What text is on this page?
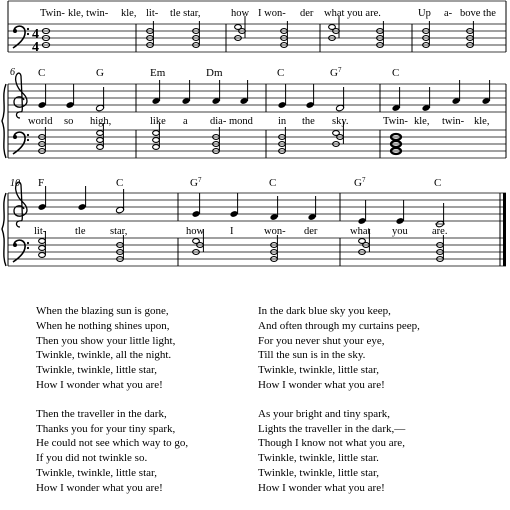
Twin- kle, twin- kle, lit- tle star,	how I won- der what you are.	Up a- bove the
4
4
6 C	G	Em	Dm	C	$G^7$	C
world so high,	like a dia- mond in the sky.	Twin- kle, twin- kle,
10 F	C	$G^7$	C	$G^7$	C
lit-	tle star,	how I	won- der	what you are.
When the blazing sun is gone,
When he nothing shines upon,
Then you show your little light,
Twinkle, twinkle, all the night.
Twinkle, twinkle, little star,
How I wonder what you are!
Then the traveller in the dark,
Thanks you for your tiny spark,
He could not see which way to go,
If you did not twinkle so.
Twinkle, twinkle, little star,
How I wonder what you are!
In the dark blue sky you keep,
And often through my curtains peep,
For you never shut your eye,
Till the sun is in the sky.
Twinkle, twinkle, little star,
How I wonder what you are!
As your bright and tiny spark,
Lights the traveller in the dark,—
Though I know not what you are,
Twinkle, twinkle, little star.
Twinkle, twinkle, little star,
How I wonder what you are!
